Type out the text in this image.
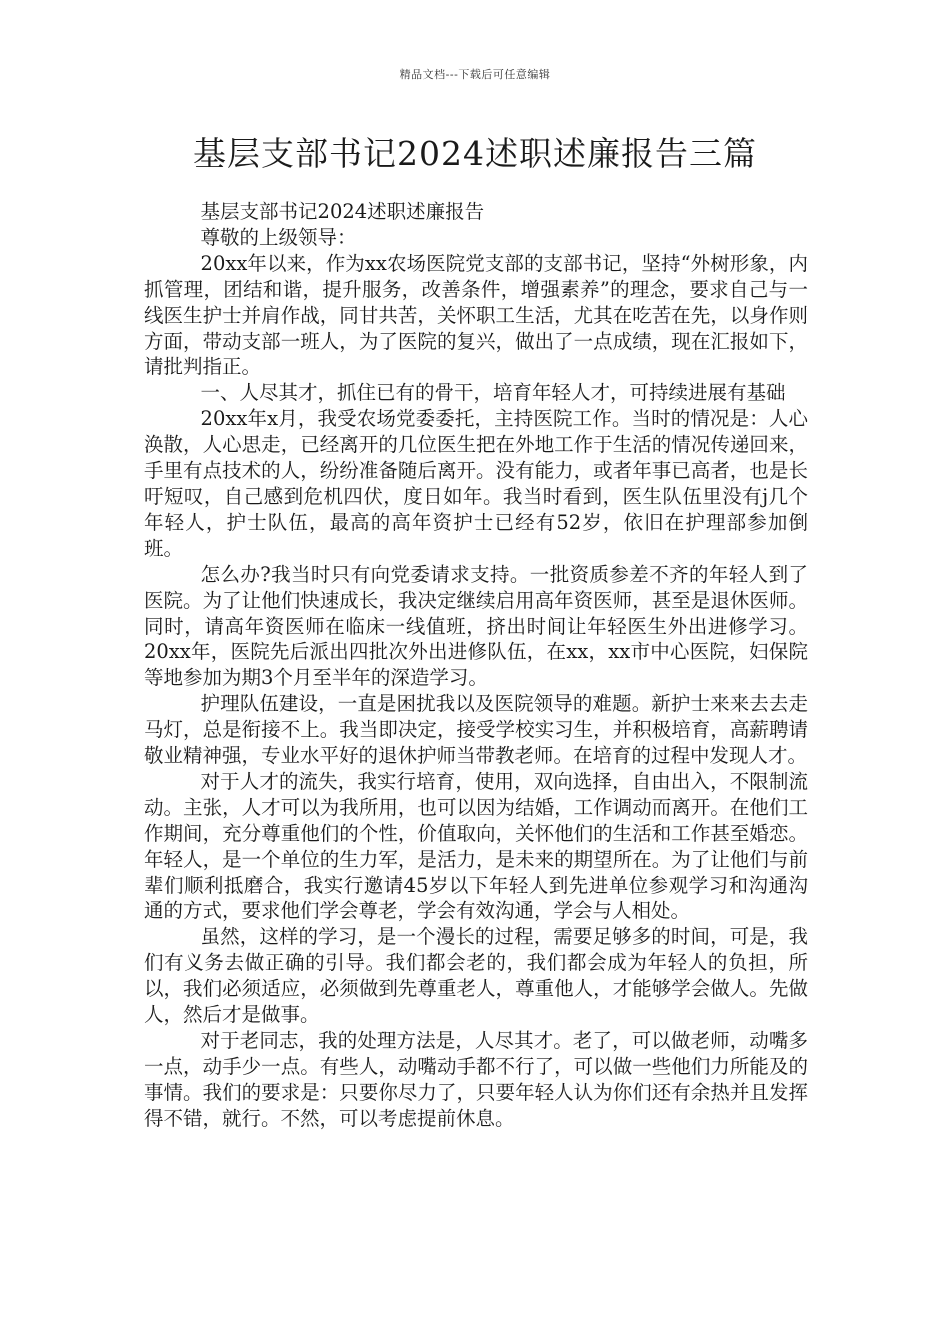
精品文档---下载后可任意编辑
基层支部书记2024述职述廉报告三篇

基层支部书记2024述职述廉报告

尊敬的上级领导：

20xx年以来，作为xx农场医院党支部的支部书记，坚持“外树形象，内抓管理，团结和谐，提升服务，改善条件，增强素养”的理念，要求自己与一线医生护士并肩作战，同甘共苦，关怀职工生活，尤其在吃苦在先，以身作则方面，带动支部一班人，为了医院的复兴，做出了一点成绩，现在汇报如下，请批判指正。

一、人尽其才，抓住已有的骨干，培育年轻人才，可持续进展有基础

20xx年x月，我受农场党委委托，主持医院工作。当时的情况是：人心涣散，人心思走，已经离开的几位医生把在外地工作于生活的情况传递回来，手里有点技术的人，纷纷准备随后离开。没有能力，或者年事已高者，也是长吁短叹，自己感到危机四伏，度日如年。我当时看到，医生队伍里没有j几个年轻人，护士队伍，最高的高年资护士已经有52岁，依旧在护理部参加倒班。

怎么办?我当时只有向党委请求支持。一批资质参差不齐的年轻人到了医院。为了让他们快速成长，我决定继续启用高年资医师，甚至是退休医师。同时，请高年资医师在临床一线值班，挤出时间让年轻医生外出进修学习。20xx年，医院先后派出四批次外出进修队伍，在xx，xx市中心医院，妇保院等地参加为期3个月至半年的深造学习。

护理队伍建设，一直是困扰我以及医院领导的难题。新护士来来去去走马灯，总是衔接不上。我当即决定，接受学校实习生，并积极培育，高薪聘请敬业精神强，专业水平好的退休护师当带教老师。在培育的过程中发现人才。

对于人才的流失，我实行培育，使用，双向选择，自由出入，不限制流动。主张，人才可以为我所用，也可以因为结婚，工作调动而离开。在他们工作期间，充分尊重他们的个性，价值取向，关怀他们的生活和工作甚至婚恋。年轻人，是一个单位的生力军，是活力，是未来的期望所在。为了让他们与前辈们顺利抵磨合，我实行邀请45岁以下年轻人到先进单位参观学习和沟通沟通的方式，要求他们学会尊老，学会有效沟通，学会与人相处。

虽然，这样的学习，是一个漫长的过程，需要足够多的时间，可是，我们有义务去做正确的引导。我们都会老的，我们都会成为年轻人的负担，所以，我们必须适应，必须做到先尊重老人，尊重他人，才能够学会做人。先做人，然后才是做事。

对于老同志，我的处理方法是，人尽其才。老了，可以做老师，动嘴多一点，动手少一点。有些人，动嘴动手都不行了，可以做一些他们力所能及的事情。我们的要求是：只要你尽力了，只要年轻人认为你们还有余热并且发挥得不错，就行。不然，可以考虑提前休息。
